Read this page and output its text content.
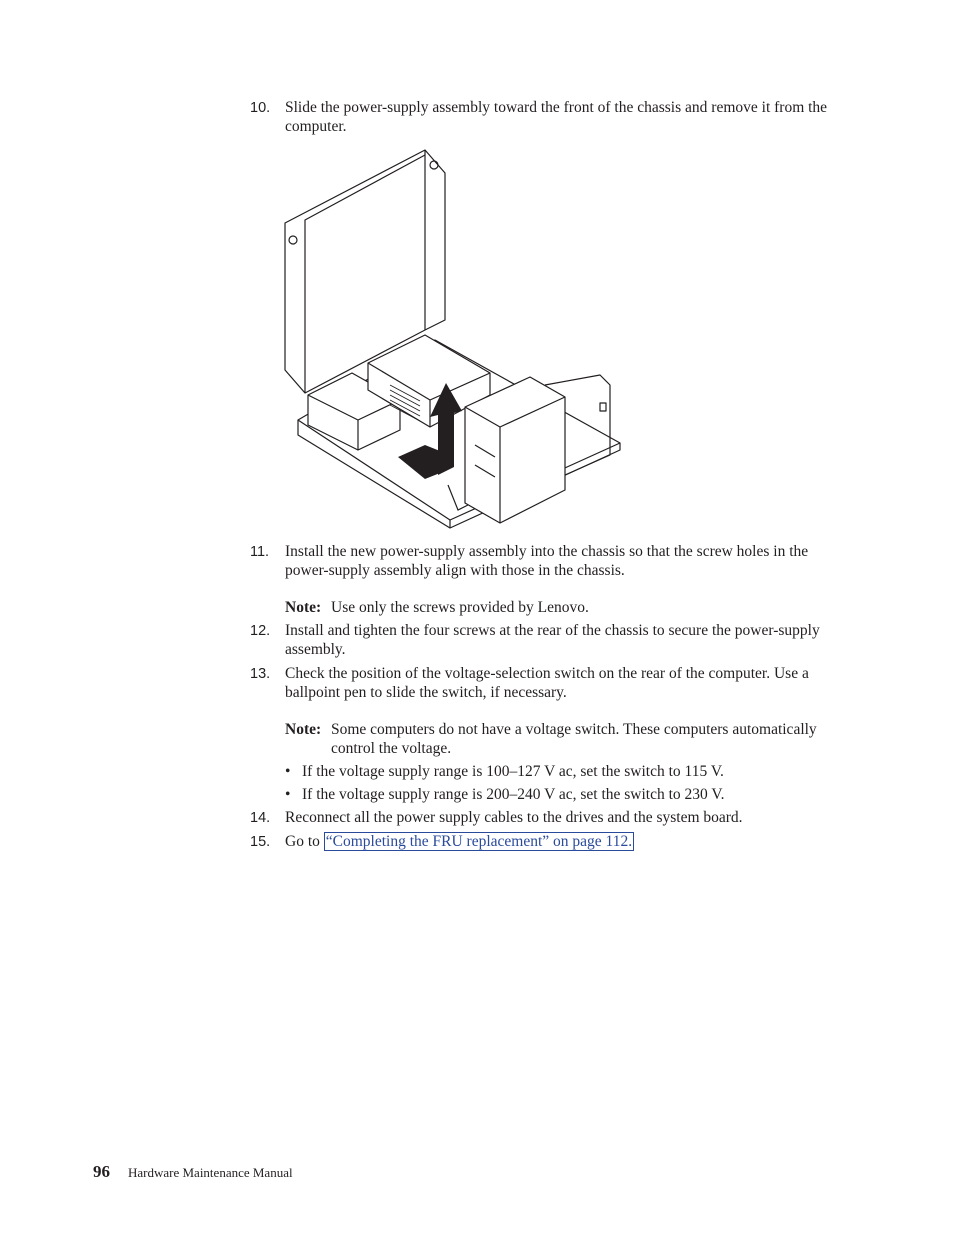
10. Slide the power-supply assembly toward the front of the chassis and remove it from the computer.
11. Install the new power-supply assembly into the chassis so that the screw holes in the power-supply assembly align with those in the chassis.
Note: Use only the screws provided by Lenovo.
12. Install and tighten the four screws at the rear of the chassis to secure the power-supply assembly.
13. Check the position of the voltage-selection switch on the rear of the computer. Use a ballpoint pen to slide the switch, if necessary.
Note: Some computers do not have a voltage switch. These computers automatically control the voltage.
• If the voltage supply range is 100–127 V ac, set the switch to 115 V.
• If the voltage supply range is 200–240 V ac, set the switch to 230 V.
14. Reconnect all the power supply cables to the drives and the system board.
15. Go to “Completing the FRU replacement” on page 112.
96 Hardware Maintenance Manual
